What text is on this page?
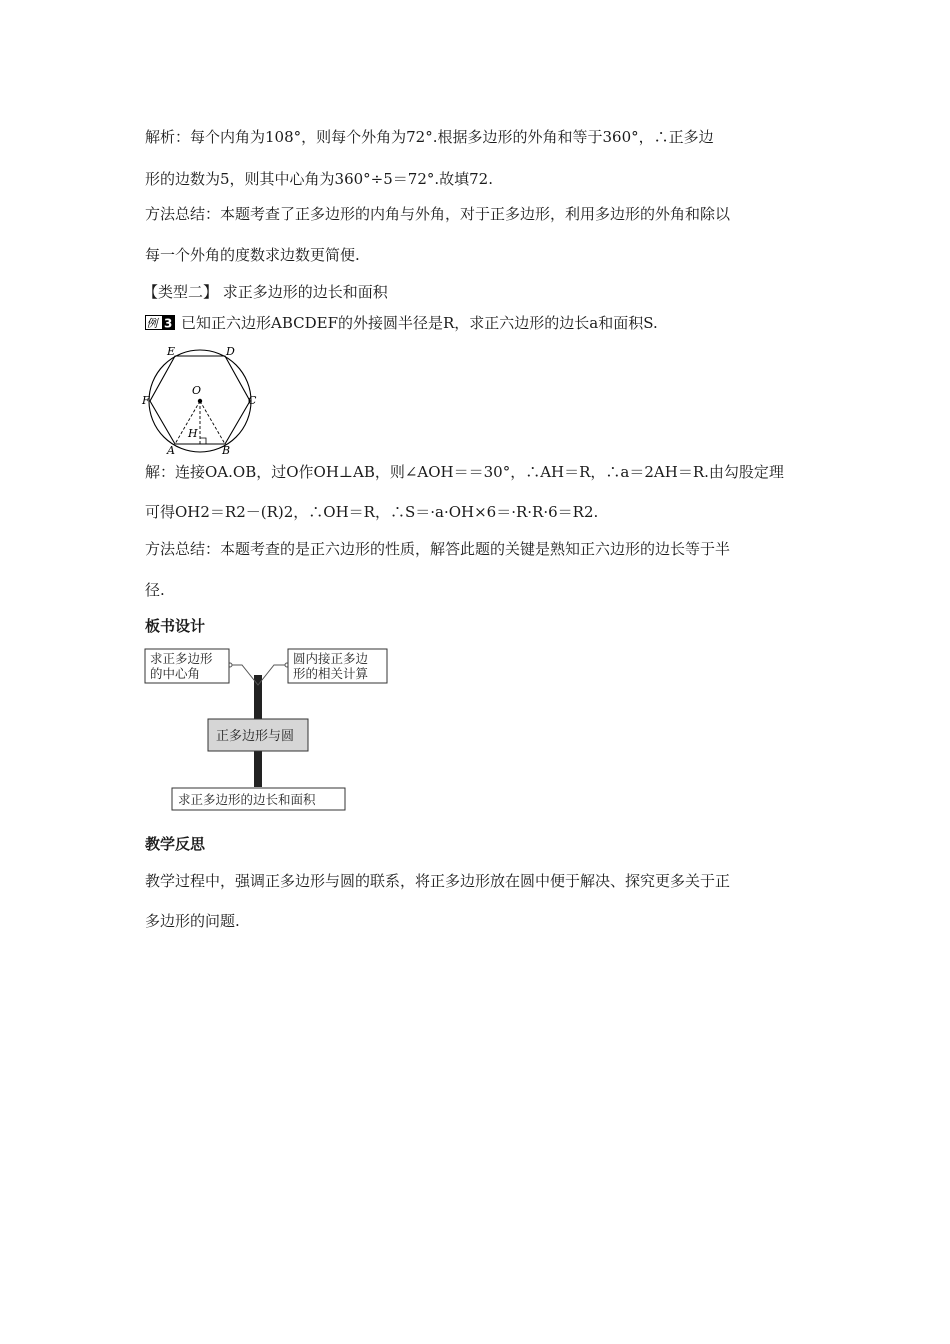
解析：每个内角为108°，则每个外角为72°.根据多边形的外角和等于360°，∴正多边
形的边数为5，则其中心角为360°÷5＝72°.故填72.
方法总结：本题考查了正多边形的内角与外角，对于正多边形，利用多边形的外角和除以
每一个外角的度数求边数更简便.
【类型二】 求正多边形的边长和面积
例 3 已知正六边形ABCDEF的外接圆半径是R，求正六边形的边长a和面积S.
E	D
F	C
O
H
A	B
解：连接OA.OB，过O作OH⊥AB，则∠AOH＝＝30°，∴AH＝R，∴a＝2AH＝R.由勾股定理
可得OH2＝R2－(R)2，∴OH＝R，∴S＝·a·OH×6＝·R·R·6＝R2.
方法总结：本题考查的是正六边形的性质，解答此题的关键是熟知正六边形的边长等于半
径.
板书设计
求正多边形
的中心角
圆内接正多边
形的相关计算
正多边形与圆
求正多边形的边长和面积
教学反思
教学过程中，强调正多边形与圆的联系，将正多边形放在圆中便于解决、探究更多关于正
多边形的问题.
